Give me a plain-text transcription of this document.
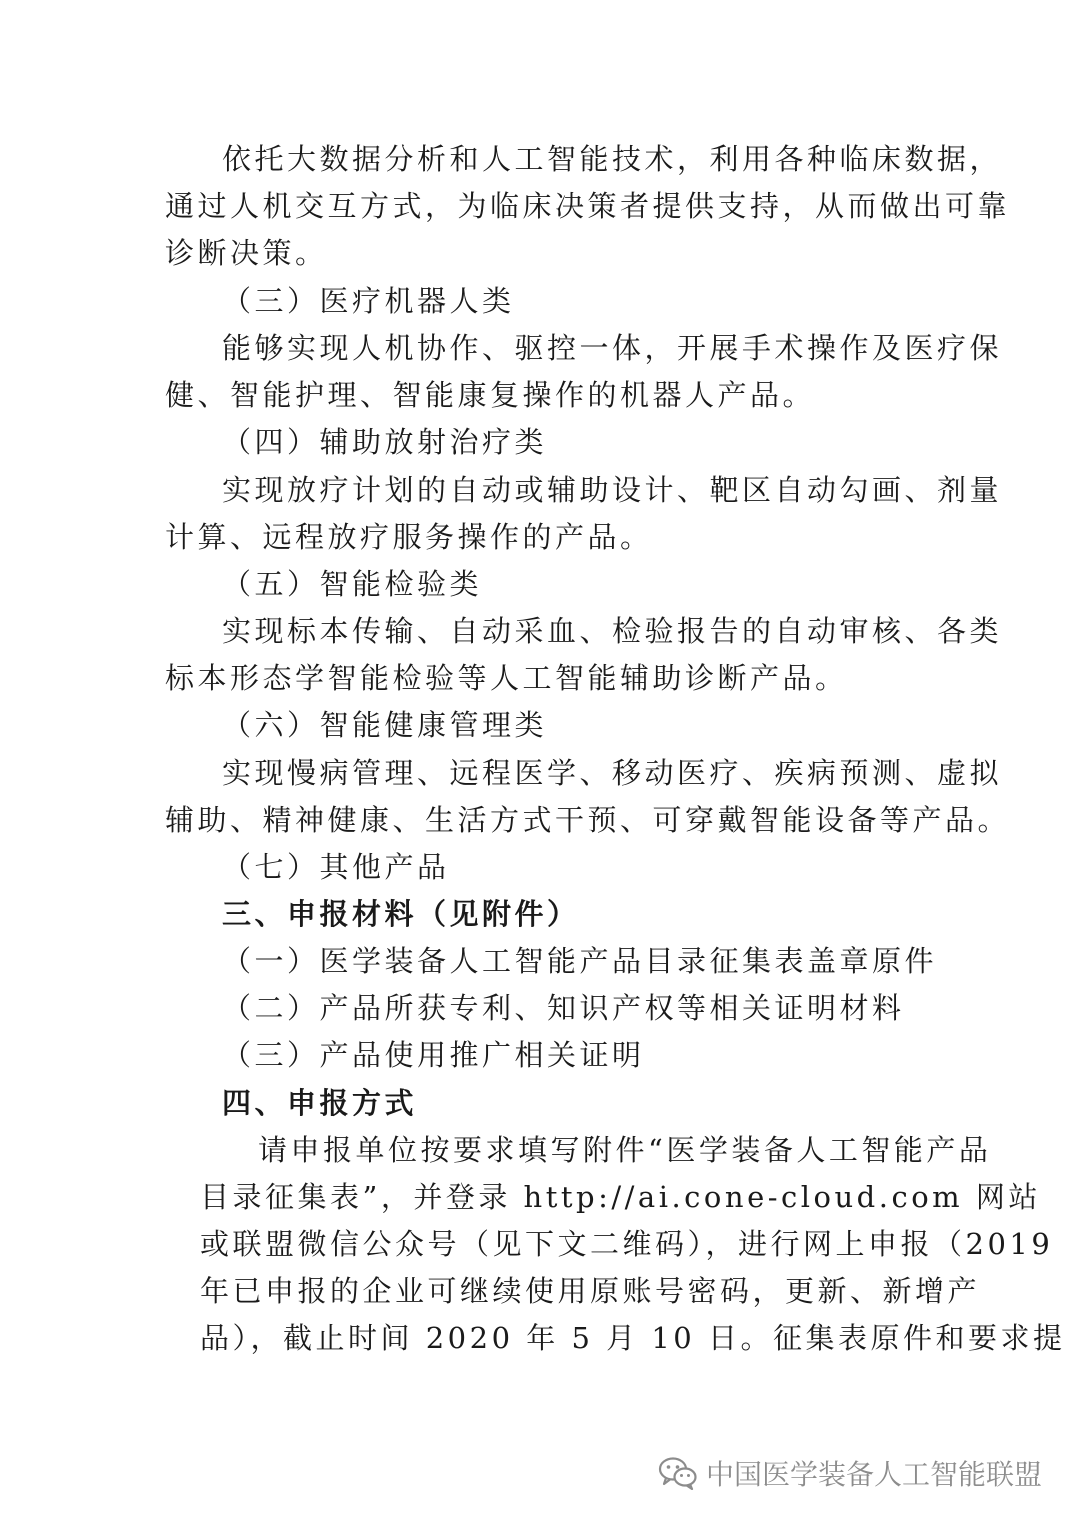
依托大数据分析和人工智能技术，利用各种临床数据，
通过人机交互方式，为临床决策者提供支持，从而做出可靠
诊断决策。
（三）医疗机器人类
能够实现人机协作、驱控一体，开展手术操作及医疗保
健、智能护理、智能康复操作的机器人产品。
（四）辅助放射治疗类
实现放疗计划的自动或辅助设计、靶区自动勾画、剂量
计算、远程放疗服务操作的产品。
（五）智能检验类
实现标本传输、自动采血、检验报告的自动审核、各类
标本形态学智能检验等人工智能辅助诊断产品。
（六）智能健康管理类
实现慢病管理、远程医学、移动医疗、疾病预测、虚拟
辅助、精神健康、生活方式干预、可穿戴智能设备等产品。
（七）其他产品
三、申报材料（见附件）
（一）医学装备人工智能产品目录征集表盖章原件
（二）产品所获专利、知识产权等相关证明材料
（三）产品使用推广相关证明
四、申报方式
请申报单位按要求填写附件“医学装备人工智能产品
目录征集表”，并登录 http://ai.cone-cloud.com 网站
或联盟微信公众号（见下文二维码），进行网上申报（2019
年已申报的企业可继续使用原账号密码，更新、新增产
品），截止时间 2020 年 5 月 10 日。征集表原件和要求提
中国医学装备人工智能联盟
